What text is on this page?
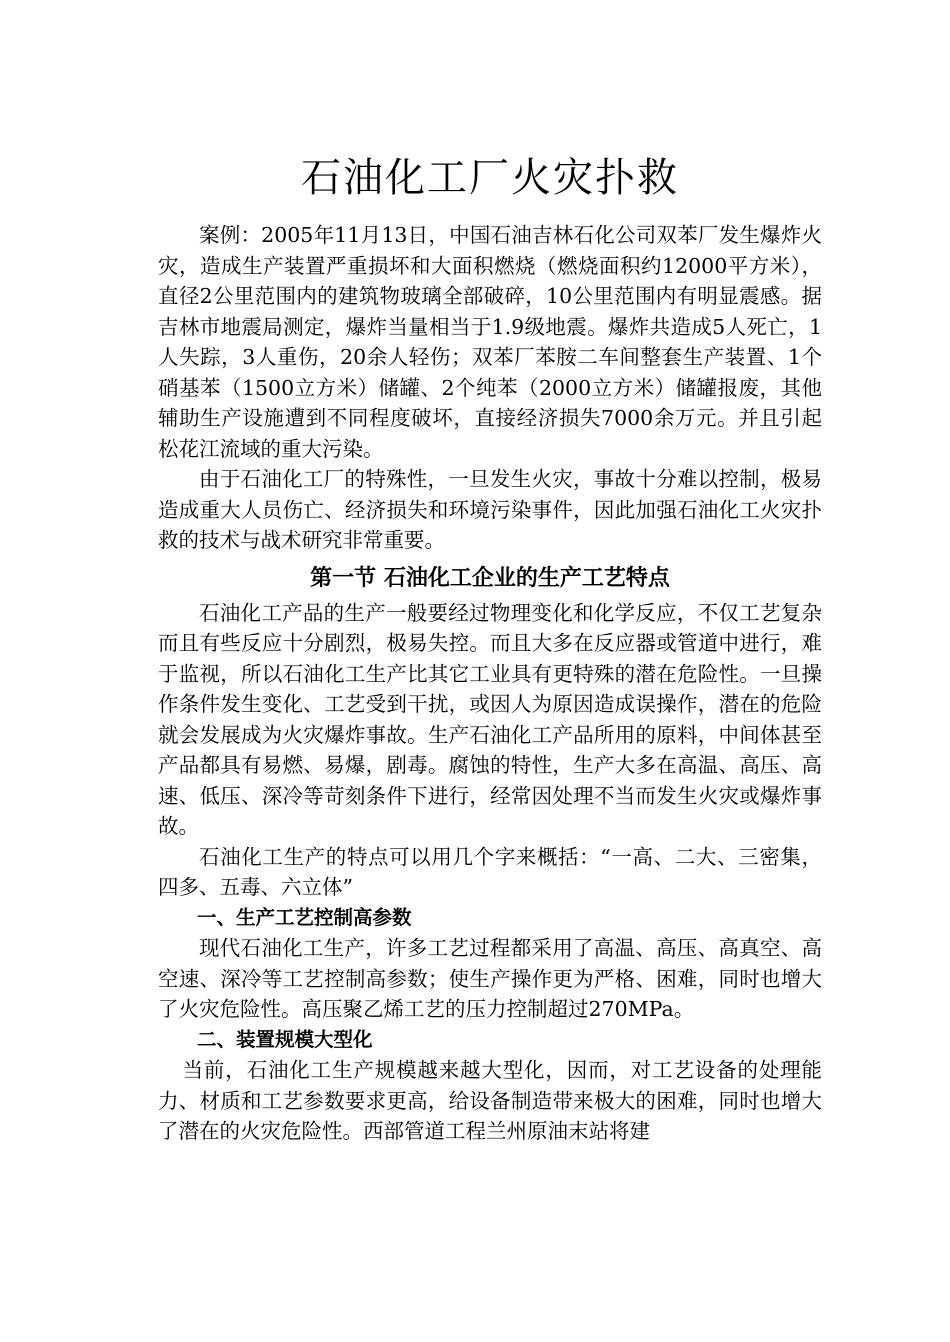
石油化工厂火灾扑救

案例：2005年11月13日，中国石油吉林石化公司双苯厂发生爆炸火灾，造成生产装置严重损坏和大面积燃烧（燃烧面积约12000平方米），直径2公里范围内的建筑物玻璃全部破碎，10公里范围内有明显震感。据吉林市地震局测定，爆炸当量相当于1.9级地震。爆炸共造成5人死亡，1人失踪，3人重伤，20余人轻伤；双苯厂苯胺二车间整套生产装置、1个硝基苯（1500立方米）储罐、2个纯苯（2000立方米）储罐报废，其他辅助生产设施遭到不同程度破坏，直接经济损失7000余万元。并且引起松花江流域的重大污染。

由于石油化工厂的特殊性，一旦发生火灾，事故十分难以控制，极易造成重大人员伤亡、经济损失和环境污染事件，因此加强石油化工火灾扑救的技术与战术研究非常重要。

第一节 石油化工企业的生产工艺特点

石油化工产品的生产一般要经过物理变化和化学反应，不仅工艺复杂而且有些反应十分剧烈，极易失控。而且大多在反应器或管道中进行，难于监视，所以石油化工生产比其它工业具有更特殊的潜在危险性。一旦操作条件发生变化、工艺受到干扰，或因人为原因造成误操作，潜在的危险就会发展成为火灾爆炸事故。生产石油化工产品所用的原料，中间体甚至产品都具有易燃、易爆，剧毒。腐蚀的特性，生产大多在高温、高压、高速、低压、深冷等苛刻条件下进行，经常因处理不当而发生火灾或爆炸事故。

石油化工生产的特点可以用几个字来概括：“一高、二大、三密集，四多、五毒、六立体”

一、生产工艺控制高参数

现代石油化工生产，许多工艺过程都采用了高温、高压、高真空、高空速、深冷等工艺控制高参数；使生产操作更为严格、困难，同时也增大了火灾危险性。高压聚乙烯工艺的压力控制超过270MPa。

二、装置规模大型化

当前，石油化工生产规模越来越大型化，因而，对工艺设备的处理能力、材质和工艺参数要求更高，给设备制造带来极大的困难，同时也增大了潜在的火灾危险性。西部管道工程兰州原油末站将建
